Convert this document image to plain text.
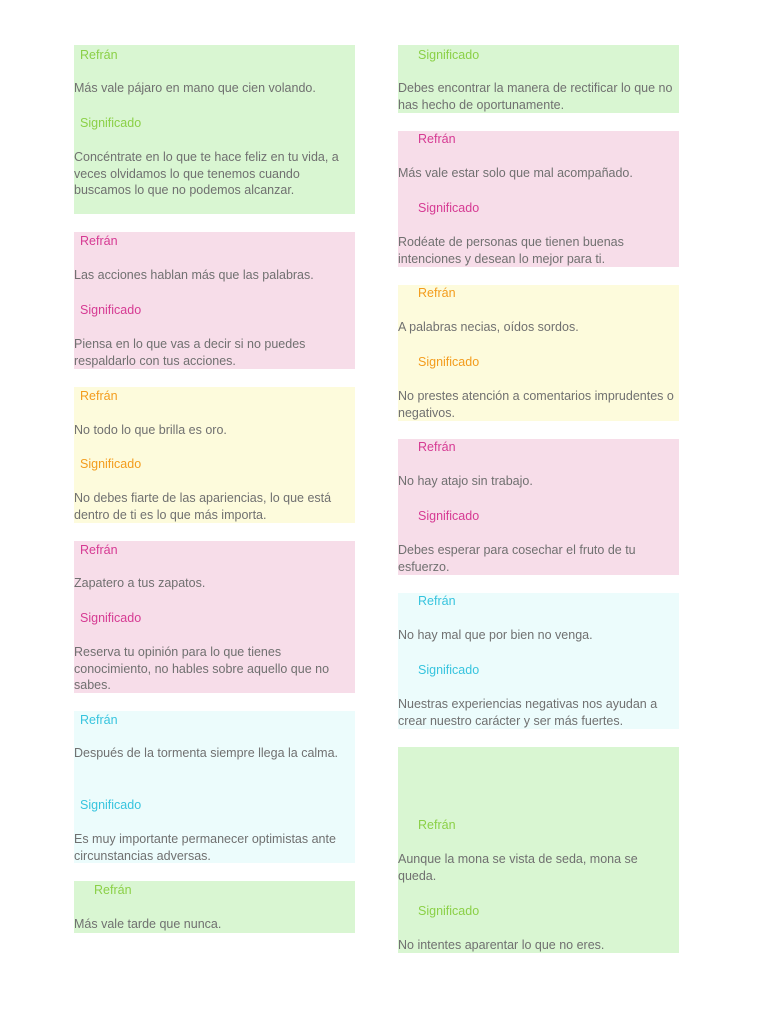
Refrán
Más vale pájaro en mano que cien volando.
Significado
Concéntrate en lo que te hace feliz en tu vida, a veces olvidamos lo que tenemos cuando buscamos lo que no podemos alcanzar.
Refrán
Las acciones hablan más que las palabras.
Significado
Piensa en lo que vas a decir si no puedes respaldarlo con tus acciones.
Refrán
No todo lo que brilla es oro.
Significado
No debes fiarte de las apariencias, lo que está dentro de ti es lo que más importa.
Refrán
Zapatero a tus zapatos.
Significado
Reserva tu opinión para lo que tienes conocimiento, no hables sobre aquello que no sabes.
Refrán
Después de la tormenta siempre llega la calma.
Significado
Es muy importante permanecer optimistas ante circunstancias adversas.
Refrán
Más vale tarde que nunca.
Significado
Debes encontrar la manera de rectificar lo que no has hecho de oportunamente.
Refrán
Más vale estar solo que mal acompañado.
Significado
Rodéate de personas que tienen buenas intenciones y desean lo mejor para ti.
Refrán
A palabras necias, oídos sordos.
Significado
No prestes atención a comentarios imprudentes o negativos.
Refrán
No hay atajo sin trabajo.
Significado
Debes esperar para cosechar el fruto de tu esfuerzo.
Refrán
No hay mal que por bien no venga.
Significado
Nuestras experiencias negativas nos ayudan a crear nuestro carácter y ser más fuertes.
Refrán
Aunque la mona se vista de seda, mona se queda.
Significado
No intentes aparentar lo que no eres.
